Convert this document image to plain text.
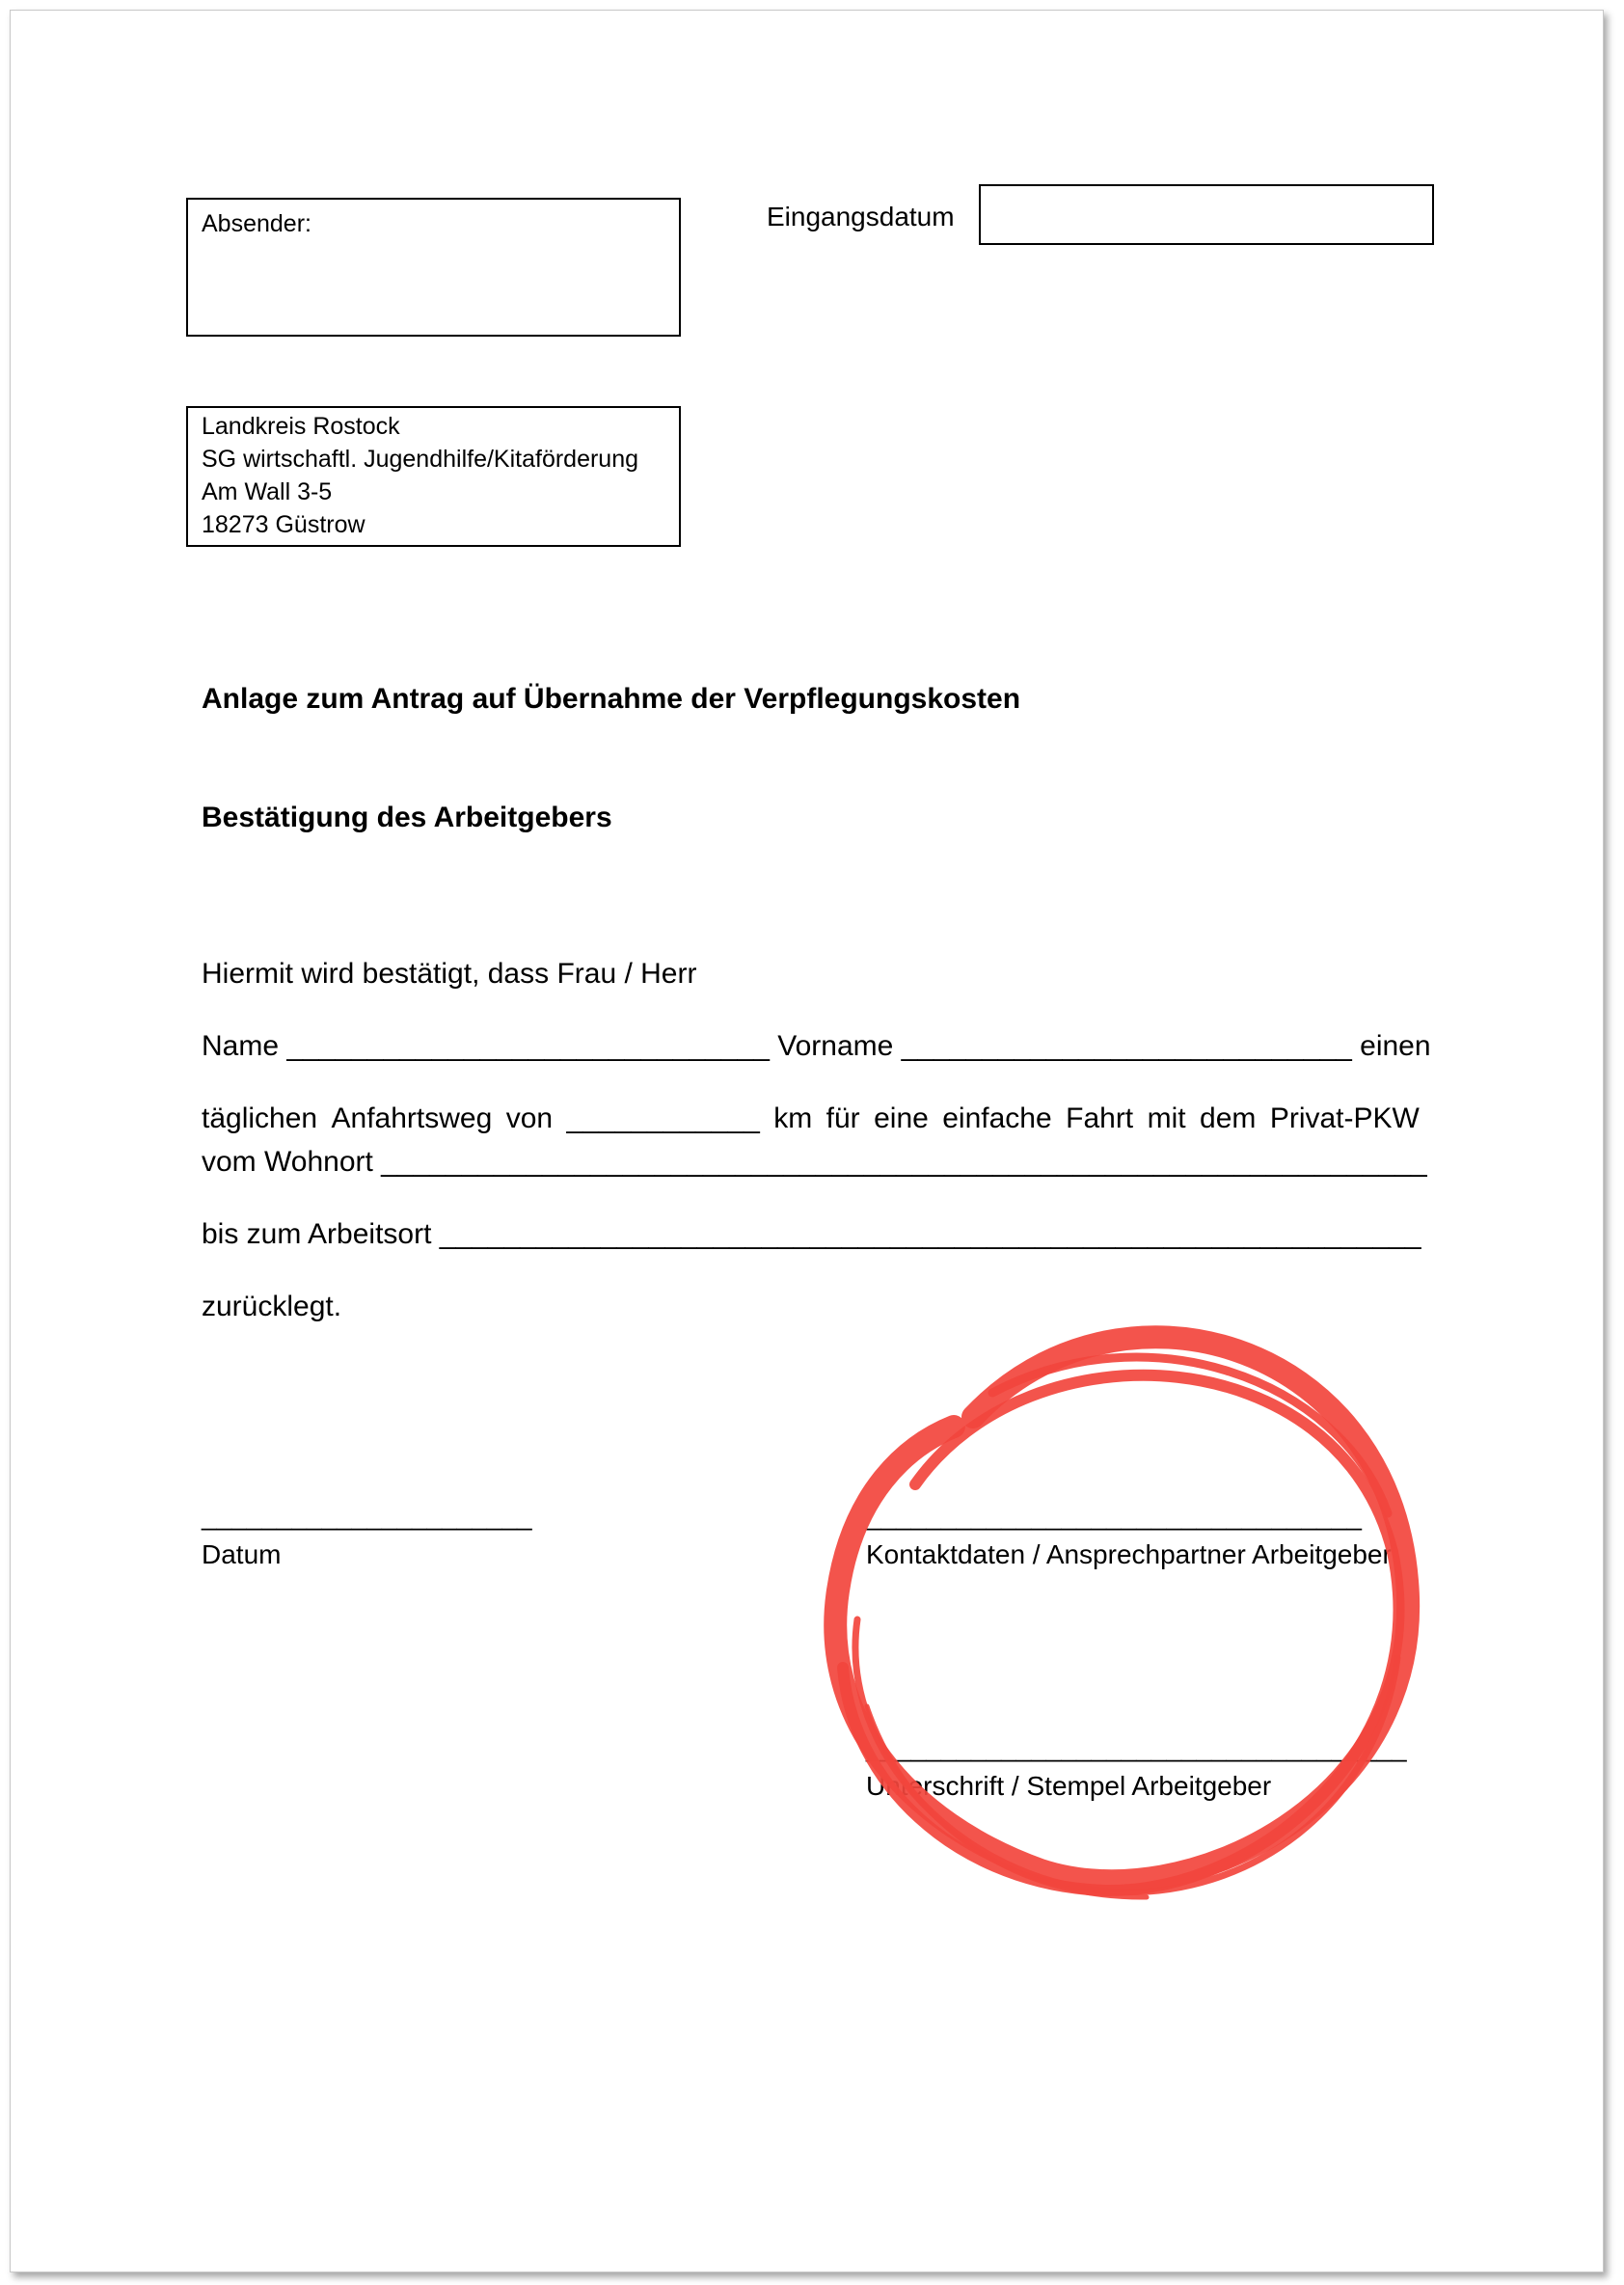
Absender:	Eingangsdatum
Landkreis Rostock
SG wirtschaftl. Jugendhilfe/Kitaförderung
Am Wall 3-5
18273 Güstrow
Anlage zum Antrag auf Übernahme der Verpflegungskosten
Bestätigung des Arbeitgebers
Hiermit wird bestätigt, dass Frau / Herr
Name ______________________________ Vorname ____________________________ einen
täglichen Anfahrtsweg von ____________ km für eine einfache Fahrt mit dem Privat-PKW
vom Wohnort _________________________________________________________________
bis zum Arbeitsort _____________________________________________________________
zurücklegt.
______________________
Datum
_________________________________
Kontaktdaten / Ansprechpartner Arbeitgeber
____________________________________
Unterschrift / Stempel Arbeitgeber
